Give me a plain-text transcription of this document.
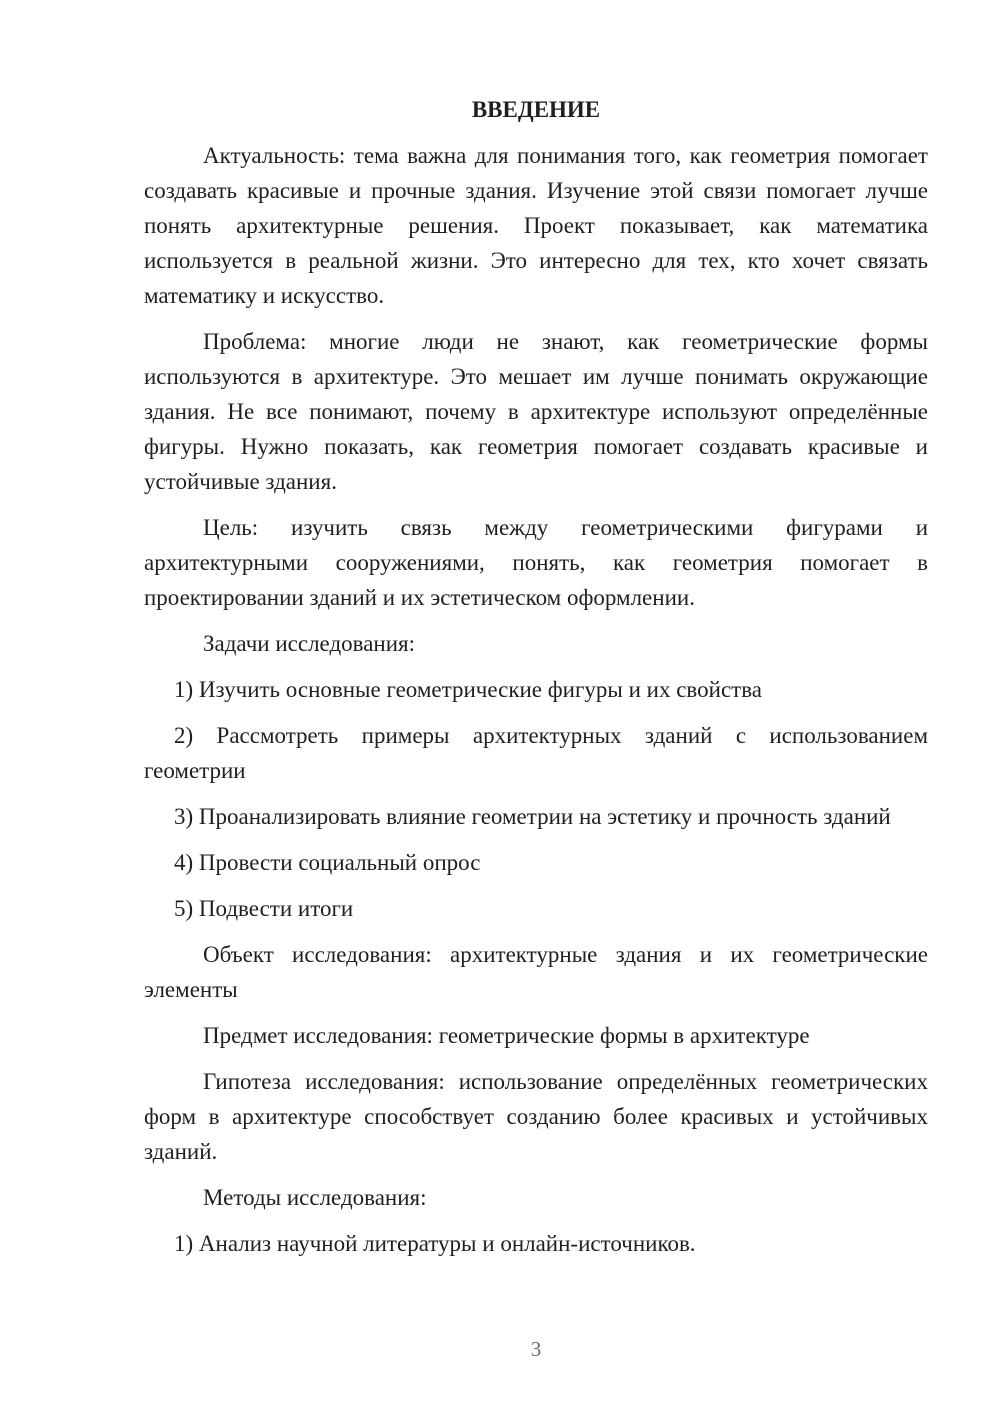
ВВЕДЕНИЕ

Актуальность: тема важна для понимания того, как геометрия помогает создавать красивые и прочные здания. Изучение этой связи помогает лучше понять архитектурные решения. Проект показывает, как математика используется в реальной жизни. Это интересно для тех, кто хочет связать математику и искусство.

Проблема: многие люди не знают, как геометрические формы используются в архитектуре. Это мешает им лучше понимать окружающие здания. Не все понимают, почему в архитектуре используют определённые фигуры. Нужно показать, как геометрия помогает создавать красивые и устойчивые здания.

Цель: изучить связь между геометрическими фигурами и архитектурными сооружениями, понять, как геометрия помогает в проектировании зданий и их эстетическом оформлении.

Задачи исследования:

1) Изучить основные геометрические фигуры и их свойства

2) Рассмотреть примеры архитектурных зданий с использованием геометрии

3) Проанализировать влияние геометрии на эстетику и прочность зданий

4) Провести социальный опрос

5) Подвести итоги

Объект исследования: архитектурные здания и их геометрические элементы

Предмет исследования: геометрические формы в архитектуре

Гипотеза исследования: использование определённых геометрических форм в архитектуре способствует созданию более красивых и устойчивых зданий.

Методы исследования:

1) Анализ научной литературы и онлайн-источников.

3
